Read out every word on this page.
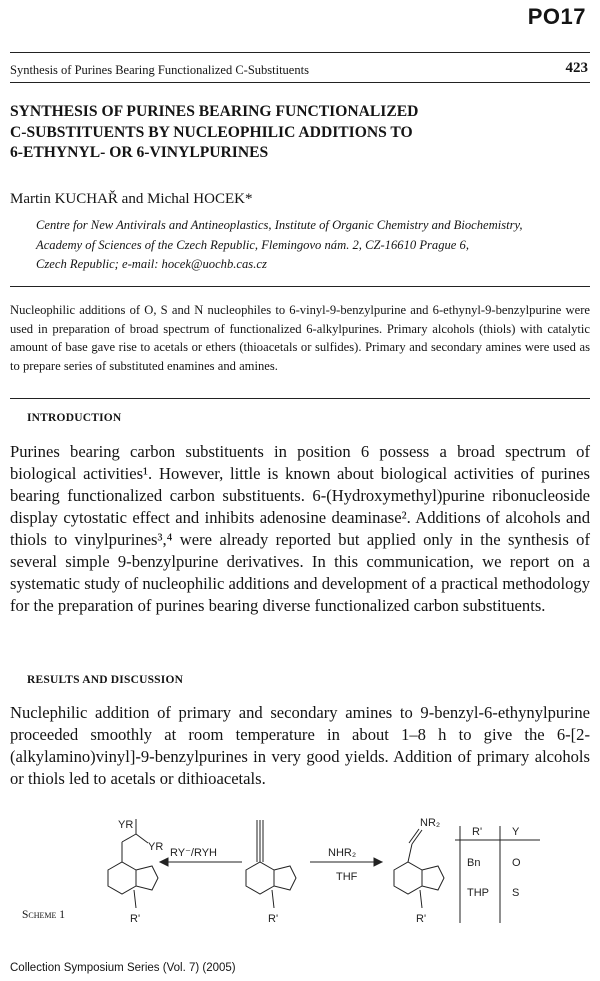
PO17
Synthesis of Purines Bearing Functionalized C-Substituents	423
SYNTHESIS OF PURINES BEARING FUNCTIONALIZED
C-SUBSTITUENTS BY NUCLEOPHILIC ADDITIONS TO
6-ETHYNYL- OR 6-VINYLPURINES
Martin KUCHAŘ and Michal HOCEK*
Centre for New Antivirals and Antineoplastics, Institute of Organic Chemistry and Biochemistry,
Academy of Sciences of the Czech Republic, Flemingovo nám. 2, CZ-16610 Prague 6,
Czech Republic; e-mail: hocek@uochb.cas.cz
Nucleophilic additions of O, S and N nucleophiles to 6-vinyl-9-benzylpurine and 6-ethynyl-9-benzylpurine were used in preparation of broad spectrum of functionalized 6-alkylpurines. Primary alcohols (thiols) with catalytic amount of base gave rise to acetals or ethers (thioacetals or sulfides). Primary and secondary amines were used as to prepare series of substituted enamines and amines.
INTRODUCTION

Purines bearing carbon substituents in position 6 possess a broad spectrum of biological activities¹. However, little is known about biological activities of purines bearing functionalized carbon substituents. 6-(Hydroxymethyl)purine ribonucleoside display cytostatic effect and inhibits adenosine deaminase². Additions of alcohols and thiols to vinylpurines³,⁴ were already reported but applied only in the synthesis of several simple 9-benzylpurine derivatives. In this communication, we report on a systematic study of nucleophilic additions and development of a practical methodology for the preparation of purines bearing diverse functionalized carbon substituents.

RESULTS AND DISCUSSION

Nuclephilic addition of primary and secondary amines to 9-benzyl-6-ethynylpurine proceeded smoothly at room temperature in about 1–8 h to give the 6-[2-(alkylamino)vinyl]-9-benzylpurines in very good yields. Addition of primary alcohols or thiols led to acetals or dithioacetals.

YR
YR
R'
RY⁻/RYH
R'
NHR₂
THF
NR₂
R'
R'	Y
Bn	O
THP S
Scheme 1
Collection Symposium Series (Vol. 7) (2005)
